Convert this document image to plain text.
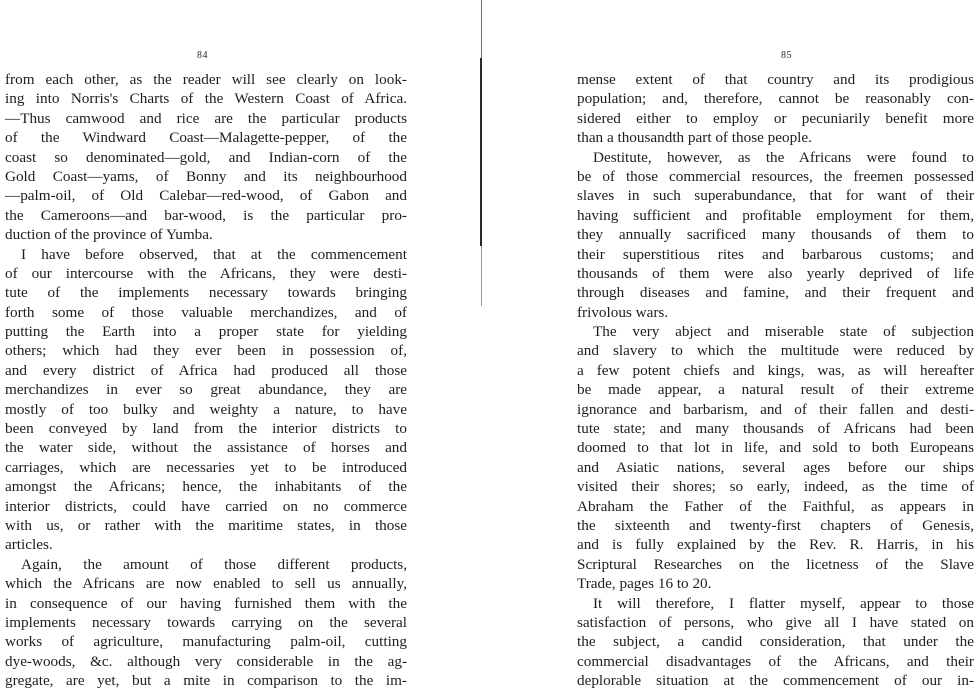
84
from each other, as the reader will see clearly on look-
ing into Norris's Charts of the Western Coast of Africa.
—Thus camwood and rice are the particular products
of the Windward Coast—Malagette-pepper, of the
coast so denominated—gold, and Indian-corn of the
Gold Coast—yams, of Bonny and its neighbourhood
—palm-oil, of Old Calebar—red-wood, of Gabon and
the Cameroons—and bar-wood, is the particular pro-
duction of the province of Yumba.
I have before observed, that at the commencement
of our intercourse with the Africans, they were desti-
tute of the implements necessary towards bringing
forth some of those valuable merchandizes, and of
putting the Earth into a proper state for yielding
others; which had they ever been in possession of,
and every district of Africa had produced all those
merchandizes in ever so great abundance, they are
mostly of too bulky and weighty a nature, to have
been conveyed by land from the interior districts to
the water side, without the assistance of horses and
carriages, which are necessaries yet to be introduced
amongst the Africans; hence, the inhabitants of the
interior districts, could have carried on no commerce
with us, or rather with the maritime states, in those
articles.
Again, the amount of those different products,
which the Africans are now enabled to sell us annually,
in consequence of our having furnished them with the
implements necessary towards carrying on the several
works of agriculture, manufacturing palm-oil, cutting
dye-woods, &c. although very considerable in the ag-
gregate, are yet, but a mite in comparison to the im-
85
mense extent of that country and its prodigious
population; and, therefore, cannot be reasonably con-
sidered either to employ or pecuniarily benefit more
than a thousandth part of those people.
Destitute, however, as the Africans were found to
be of those commercial resources, the freemen possessed
slaves in such superabundance, that for want of their
having sufficient and profitable employment for them,
they annually sacrificed many thousands of them to
their superstitious rites and barbarous customs; and
thousands of them were also yearly deprived of life
through diseases and famine, and their frequent and
frivolous wars.
The very abject and miserable state of subjection
and slavery to which the multitude were reduced by
a few potent chiefs and kings, was, as will hereafter
be made appear, a natural result of their extreme
ignorance and barbarism, and of their fallen and desti-
tute state; and many thousands of Africans had been
doomed to that lot in life, and sold to both Europeans
and Asiatic nations, several ages before our ships
visited their shores; so early, indeed, as the time of
Abraham the Father of the Faithful, as appears in
the sixteenth and twenty-first chapters of Genesis,
and is fully explained by the Rev. R. Harris, in his
Scriptural Researches on the licetness of the Slave
Trade, pages 16 to 20.
It will therefore, I flatter myself, appear to those
satisfaction of persons, who give all I have stated on
the subject, a candid consideration, that under the
commercial disadvantages of the Africans, and their
deplorable situation at the commencement of our in-
